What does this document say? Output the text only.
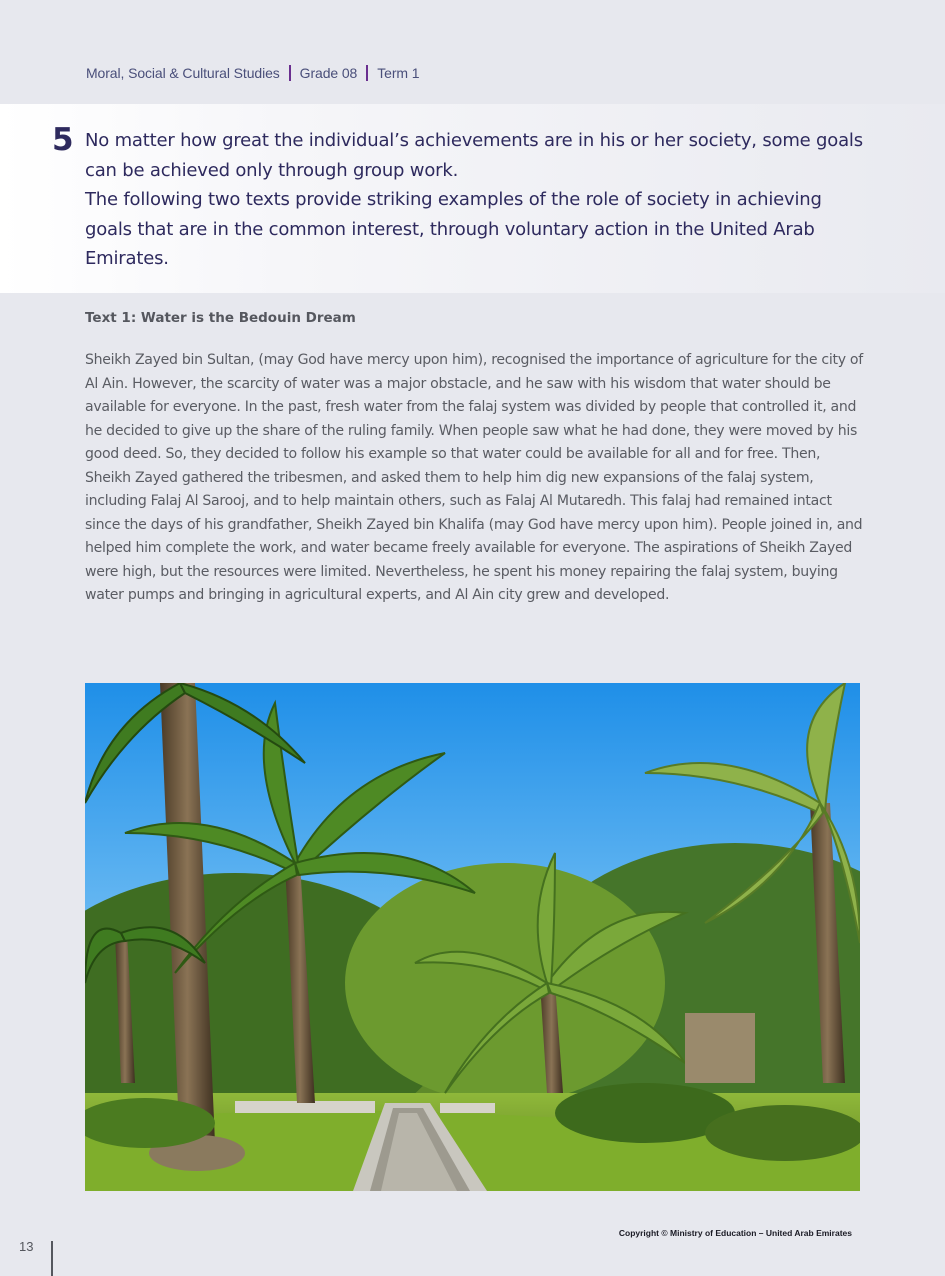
Moral, Social & Cultural Studies Grade 08 Term 1
5 No matter how great the individual’s achievements are in his or her society, some goals can be achieved only through group work.

The following two texts provide striking examples of the role of society in achieving goals that are in the common interest, through voluntary action in the United Arab Emirates.

Text 1: Water is the Bedouin Dream

Sheikh Zayed bin Sultan, (may God have mercy upon him), recognised the importance of agriculture for the city of Al Ain. However, the scarcity of water was a major obstacle, and he saw with his wisdom that water should be available for everyone. In the past, fresh water from the falaj system was divided by people that controlled it, and he decided to give up the share of the ruling family. When people saw what he had done, they were moved by his good deed. So, they decided to follow his example so that water could be available for all and for free. Then, Sheikh Zayed gathered the tribesmen, and asked them to help him dig new expansions of the falaj system, including Falaj Al Sarooj, and to help maintain others, such as Falaj Al Mutaredh. This falaj had remained intact since the days of his grandfather, Sheikh Zayed bin Khalifa (may God have mercy upon him). People joined in, and helped him complete the work, and water became freely available for everyone. The aspirations of Sheikh Zayed were high, but the resources were limited. Nevertheless, he spent his money repairing the falaj system, buying water pumps and bringing in agricultural experts, and Al Ain city grew and developed.

Copyright © Ministry of Education – United Arab Emirates
13
